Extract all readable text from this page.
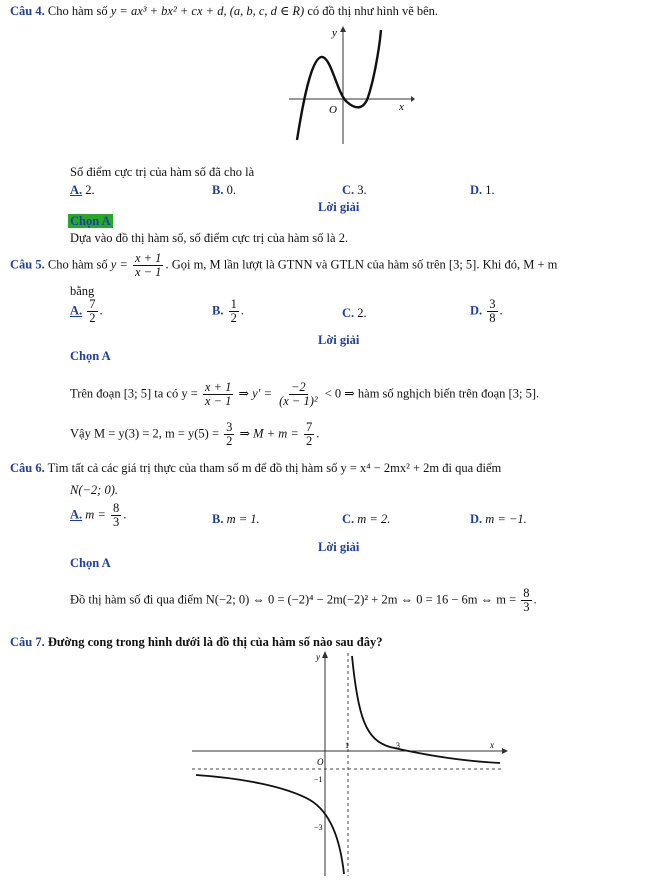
Câu 4. Cho hàm số y = ax³ + bx² + cx + d, (a, b, c, d ∈ R) có đồ thị như hình vẽ bên.
y
x
O
Số điểm cực trị của hàm số đã cho là
A. 2.	B. 0.	C. 3.	D. 1.
Lời giải
Chọn A
Dựa vào đồ thị hàm số, số điểm cực trị của hàm số là 2.
Câu 5. Cho hàm số $y = \frac{x + 1}{x - 1}$ . Gọi m, M lần lượt là GTNN và GTLN của hàm số trên [3; 5]. Khi đó, M + m
bằng
A. $\frac{7}{2}$ .	B. $\frac{1}{2}$ .	C. 2.	D. $\frac{3}{8}$ .
Lời giải
Chọn A
Trên đoạn [3; 5] ta có $y = \frac{x + 1}{x - 1}$ ⇒ $y' = \frac{-2}{\text{(x − 1)²}} < 0$ ⇒ hàm số nghịch biến trên đoạn [3; 5].
Vậy M = y(3) = 2, $m = y(5) = \frac{3}{2}$ ⇒ $M + m = \frac{7}{2}$ .
Câu 6. Tìm tất cả các giá trị thực của tham số m để đồ thị hàm số y = x⁴ − 2mx² + 2m đi qua điểm
N(−2; 0).
A. $m = \frac{8}{3}$ .	B. m = 1.	C. m = 2.	D. m = −1.
Lời giải
Chọn A
Đồ thị hàm số đi qua điểm N(−2; 0) ⇔ 0 = (−2)⁴ − 2m(−2)² + 2m ⇔ 0 = 16 − 6m ⇔ $m = \frac{8}{3}$ .
Câu 7. Đường cong trong hình dưới là đồ thị của hàm số nào sau đây?
y
x
O
1	3
−1
−3
